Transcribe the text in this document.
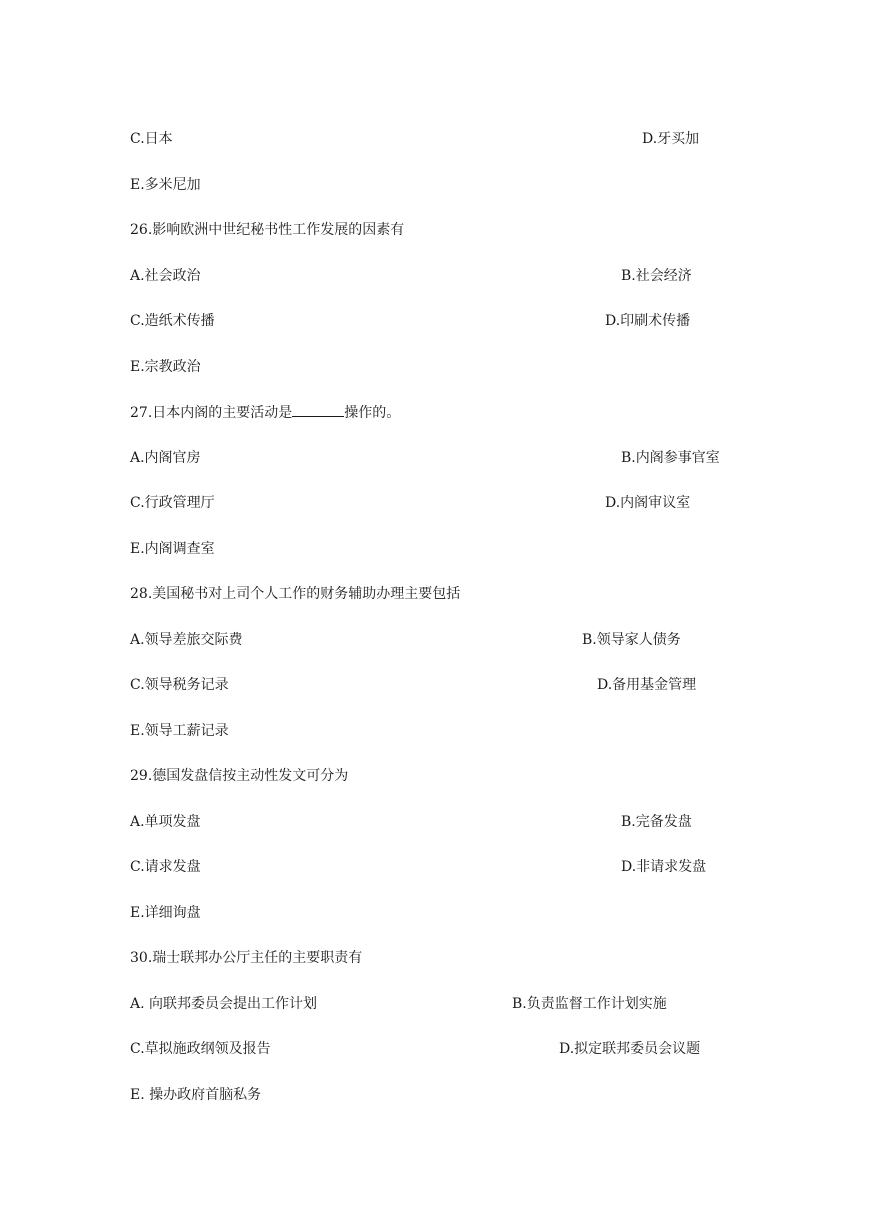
C.日本	D.牙买加
E.多米尼加
26.影响欧洲中世纪秘书性工作发展的因素有
A.社会政治	B.社会经济
C.造纸术传播	D.印刷术传播
E.宗教政治
27.日本内阁的主要活动是	操作的。
A.内阁官房	B.内阁参事官室
C.行政管理厅	D.内阁审议室
E.内阁调查室
28.美国秘书对上司个人工作的财务辅助办理主要包括
A.领导差旅交际费	B.领导家人债务
C.领导税务记录	D.备用基金管理
E.领导工薪记录
29.德国发盘信按主动性发文可分为
A.单项发盘	B.完备发盘
C.请求发盘	D.非请求发盘
E.详细询盘
30.瑞士联邦办公厅主任的主要职责有
A. 向联邦委员会提出工作计划	B.负责监督工作计划实施
C.草拟施政纲领及报告	D.拟定联邦委员会议题
E. 操办政府首脑私务
